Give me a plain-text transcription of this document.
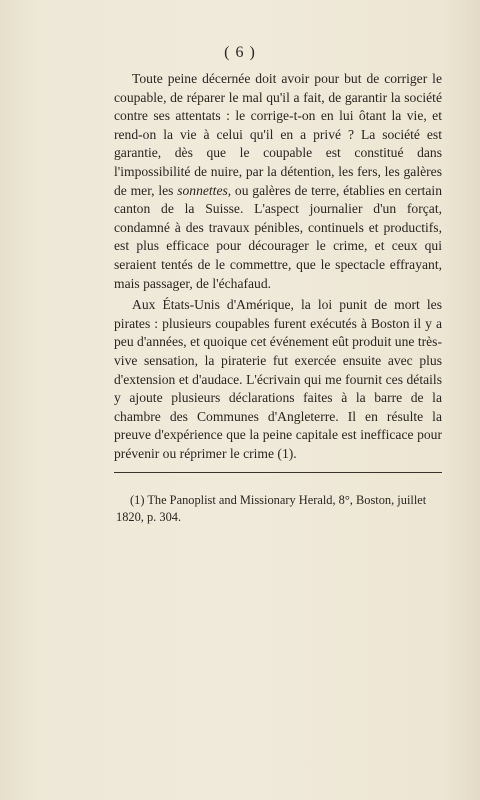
( 6 )

Toute peine décernée doit avoir pour but de corriger le coupable, de réparer le mal qu'il a fait, de garantir la société contre ses attentats : le corrige-t-on en lui ôtant la vie, et rend-on la vie à celui qu'il en a privé ? La société est garantie, dès que le coupable est constitué dans l'impossibilité de nuire, par la détention, les fers, les galères de mer, les sonnettes, ou galères de terre, établies en certain canton de la Suisse. L'aspect journalier d'un forçat, condamné à des travaux pénibles, continuels et productifs, est plus efficace pour décourager le crime, et ceux qui seraient tentés de le commettre, que le spectacle effrayant, mais passager, de l'échafaud.

Aux États-Unis d'Amérique, la loi punit de mort les pirates : plusieurs coupables furent exécutés à Boston il y a peu d'années, et quoique cet événement eût produit une très-vive sensation, la piraterie fut exercée ensuite avec plus d'extension et d'audace. L'écrivain qui me fournit ces détails y ajoute plusieurs déclarations faites à la barre de la chambre des Communes d'Angleterre. Il en résulte la preuve d'expérience que la peine capitale est inefficace pour prévenir ou réprimer le crime (1).

(1) The Panoplist and Missionary Herald, 8°, Boston, juillet
1820, p. 304.
